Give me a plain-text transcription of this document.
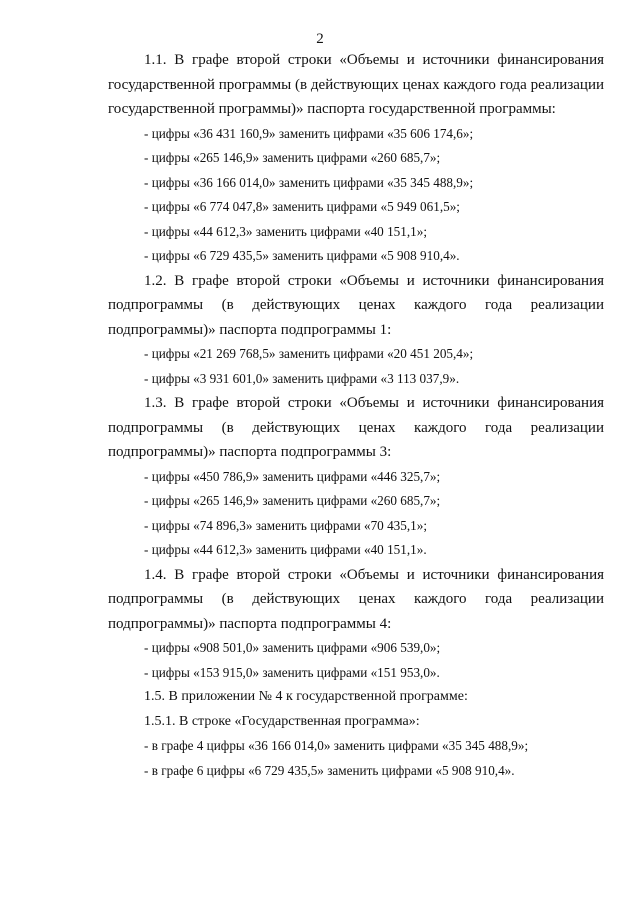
2

1.1. В графе второй строки «Объемы и источники финансирования государственной программы (в действующих ценах каждого года реализации государственной программы)» паспорта государственной программы:

- цифры «36 431 160,9» заменить цифрами «35 606 174,6»;
- цифры «265 146,9» заменить цифрами «260 685,7»;
- цифры «36 166 014,0» заменить цифрами «35 345 488,9»;
- цифры «6 774 047,8» заменить цифрами «5 949 061,5»;
- цифры «44 612,3» заменить цифрами «40 151,1»;
- цифры «6 729 435,5» заменить цифрами «5 908 910,4».

1.2. В графе второй строки «Объемы и источники финансирования подпрограммы (в действующих ценах каждого года реализации подпрограммы)» паспорта подпрограммы 1:

- цифры «21 269 768,5» заменить цифрами «20 451 205,4»;
- цифры «3 931 601,0» заменить цифрами «3 113 037,9».

1.3. В графе второй строки «Объемы и источники финансирования подпрограммы (в действующих ценах каждого года реализации подпрограммы)» паспорта подпрограммы 3:

- цифры «450 786,9» заменить цифрами «446 325,7»;
- цифры «265 146,9» заменить цифрами «260 685,7»;
- цифры «74 896,3» заменить цифрами «70 435,1»;
- цифры «44 612,3» заменить цифрами «40 151,1».

1.4. В графе второй строки «Объемы и источники финансирования подпрограммы (в действующих ценах каждого года реализации подпрограммы)» паспорта подпрограммы 4:

- цифры «908 501,0» заменить цифрами «906 539,0»;
- цифры «153 915,0» заменить цифрами «151 953,0».
1.5. В приложении № 4 к государственной программе:
1.5.1. В строке «Государственная программа»:
- в графе 4 цифры «36 166 014,0» заменить цифрами «35 345 488,9»;
- в графе 6 цифры «6 729 435,5» заменить цифрами «5 908 910,4».
